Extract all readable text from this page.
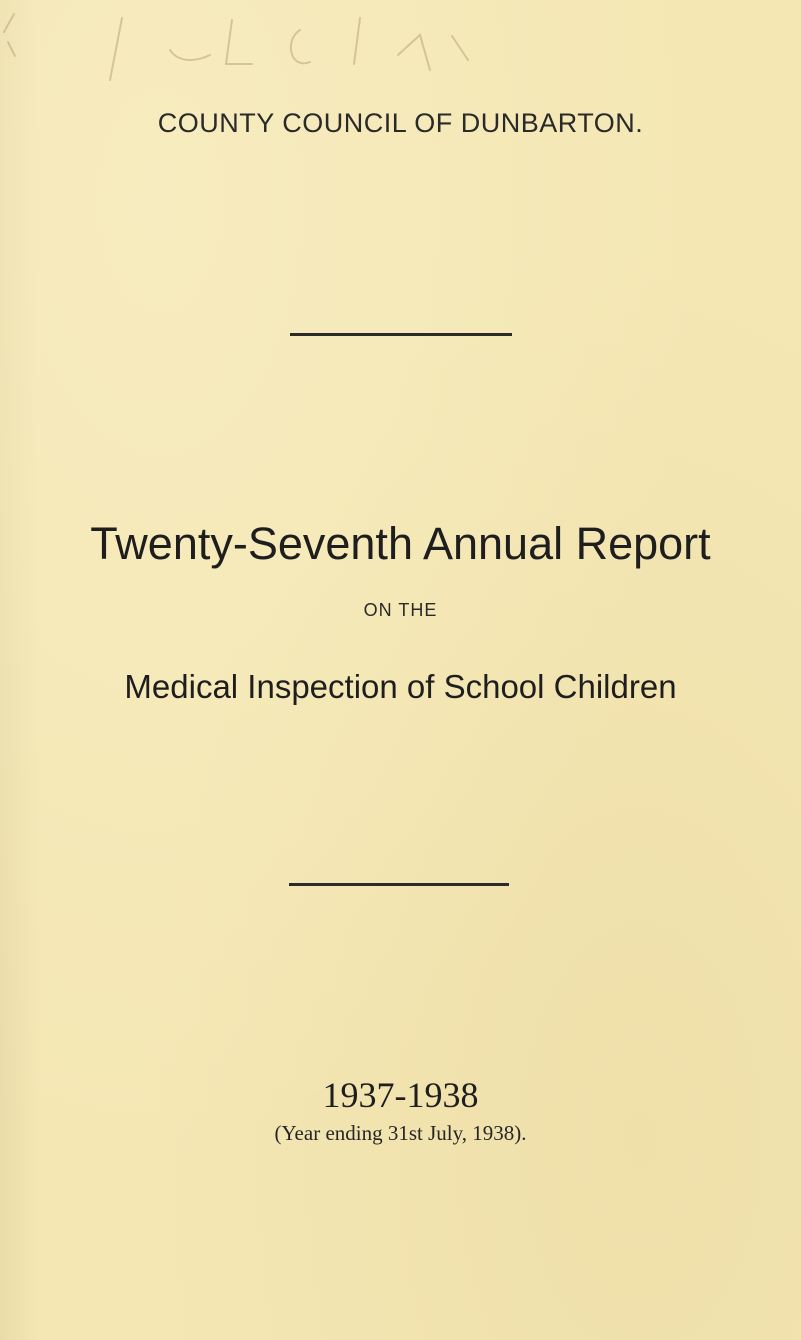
COUNTY COUNCIL OF DUNBARTON.
Twenty-Seventh Annual Report
ON THE
Medical Inspection of School Children
1937-1938
(Year ending 31st July, 1938).
